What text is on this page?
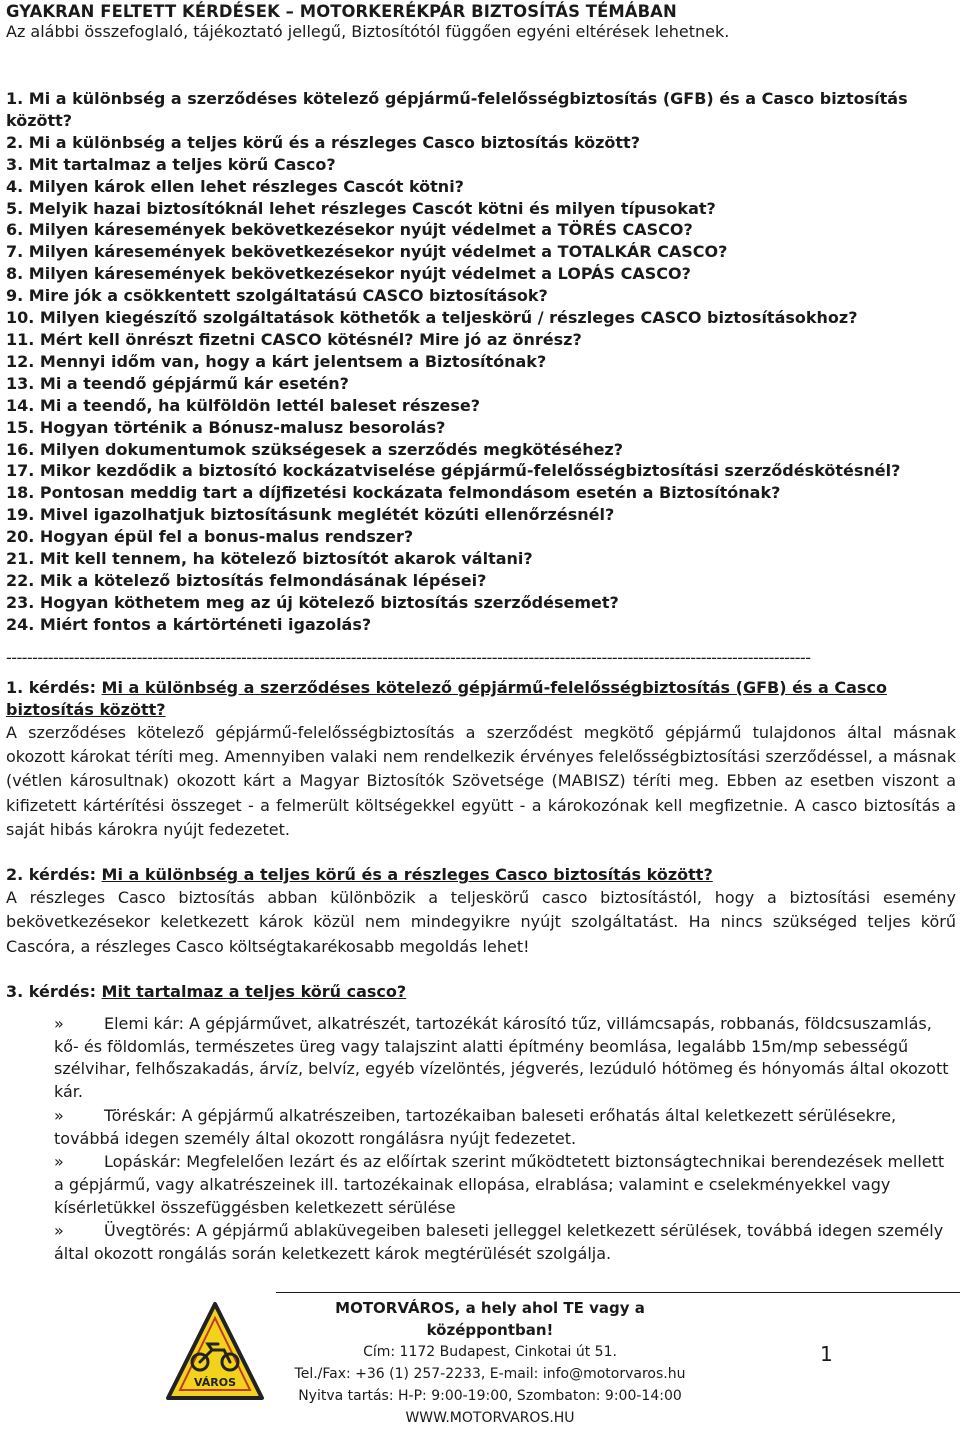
GYAKRAN FELTETT KÉRDÉSEK – MOTORKERÉKPÁR BIZTOSÍTÁS TÉMÁBAN
Az alábbi összefoglaló, tájékoztató jellegű, Biztosítótól függően egyéni eltérések lehetnek.
1. Mi a különbség a szerződéses kötelező gépjármű-felelősségbiztosítás (GFB) és a Casco biztosítás között?
2. Mi a különbség a teljes körű és a részleges Casco biztosítás között?
3. Mit tartalmaz a teljes körű Casco?
4. Milyen károk ellen lehet részleges Cascót kötni?
5. Melyik hazai biztosítóknál lehet részleges Cascót kötni és milyen típusokat?
6. Milyen káresemények bekövetkezésekor nyújt védelmet a TÖRÉS CASCO?
7. Milyen káresemények bekövetkezésekor nyújt védelmet a TOTALKÁR CASCO?
8. Milyen káresemények bekövetkezésekor nyújt védelmet a LOPÁS CASCO?
9. Mire jók a csökkentett szolgáltatású CASCO biztosítások?
10. Milyen kiegészítő szolgáltatások köthetők a teljeskörű / részleges CASCO biztosításokhoz?
11. Mért kell önrészt fizetni CASCO kötésnél? Mire jó az önrész?
12. Mennyi időm van, hogy a kárt jelentsem a Biztosítónak?
13. Mi a teendő gépjármű kár esetén?
14. Mi a teendő, ha külföldön lettél baleset részese?
15. Hogyan történik a Bónusz-malusz besorolás?
16. Milyen dokumentumok szükségesek a szerződés megkötéséhez?
17. Mikor kezdődik a biztosító kockázatviselése gépjármű-felelősségbiztosítási szerződéskötésnél?
18. Pontosan meddig tart a díjfizetési kockázata felmondásom esetén a Biztosítónak?
19. Mivel igazolhatjuk biztosításunk meglétét közúti ellenőrzésnél?
20. Hogyan épül fel a bonus-malus rendszer?
21. Mit kell tennem, ha kötelező biztosítót akarok váltani?
22. Mik a kötelező biztosítás felmondásának lépései?
23. Hogyan köthetem meg az új kötelező biztosítás szerződésemet?
24. Miért fontos a kártörténeti igazolás?
----------------------------------------------------------------------------------------------------------------------------------------------------------
1. kérdés: Mi a különbség a szerződéses kötelező gépjármű-felelősségbiztosítás (GFB) és a Casco biztosítás között?
A szerződéses kötelező gépjármű-felelősségbiztosítás a szerződést megkötő gépjármű tulajdonos által másnak okozott károkat téríti meg. Amennyiben valaki nem rendelkezik érvényes felelősségbiztosítási szerződéssel, a másnak (vétlen károsultnak) okozott kárt a Magyar Biztosítók Szövetsége (MABISZ) téríti meg. Ebben az esetben viszont a kifizetett kártérítési összeget - a felmerült költségekkel együtt - a károkozónak kell megfizetnie. A casco biztosítás a saját hibás károkra nyújt fedezetet.
2. kérdés: Mi a különbség a teljes körű és a részleges Casco biztosítás között?
A részleges Casco biztosítás abban különbözik a teljeskörű casco biztosítástól, hogy a biztosítási esemény bekövetkezésekor keletkezett károk közül nem mindegyikre nyújt szolgáltatást. Ha nincs szükséged teljes körű Cascóra, a részleges Casco költségtakarékosabb megoldás lehet!
3. kérdés: Mit tartalmaz a teljes körű casco?
»	Elemi kár: A gépjárművet, alkatrészét, tartozékát károsító tűz, villámcsapás, robbanás, földcsuszamlás, kő- és földomlás, természetes üreg vagy talajszint alatti építmény beomlása, legalább 15m/mp sebességű szélvihar, felhőszakadás, árvíz, belvíz, egyéb vízelöntés, jégverés, lezúduló hótömeg és hónyomás által okozott kár.
»	Töréskár: A gépjármű alkatrészeiben, tartozékaiban baleseti erőhatás által keletkezett sérülésekre, továbbá idegen személy által okozott rongálásra nyújt fedezetet.
»	Lopáskár: Megfelelően lezárt és az előírtak szerint működtetett biztonságtechnikai berendezések mellett a gépjármű, vagy alkatrészeinek ill. tartozékainak ellopása, elrablása; valamint e cselekményekkel vagy kísérletükkel összefüggésben keletkezett sérülése
»	Üvegtörés: A gépjármű ablaküvegeiben baleseti jelleggel keletkezett sérülések, továbbá idegen személy által okozott rongálás során keletkezett károk megtérülését szolgálja.
VÁROS
MOTORVÁROS, a hely ahol TE vagy a középpontban!
Cím: 1172 Budapest, Cinkotai út 51.
Tel./Fax: +36 (1) 257-2233, E-mail: info@motorvaros.hu
Nyitva tartás: H-P: 9:00-19:00, Szombaton: 9:00-14:00
WWW.MOTORVAROS.HU
1
